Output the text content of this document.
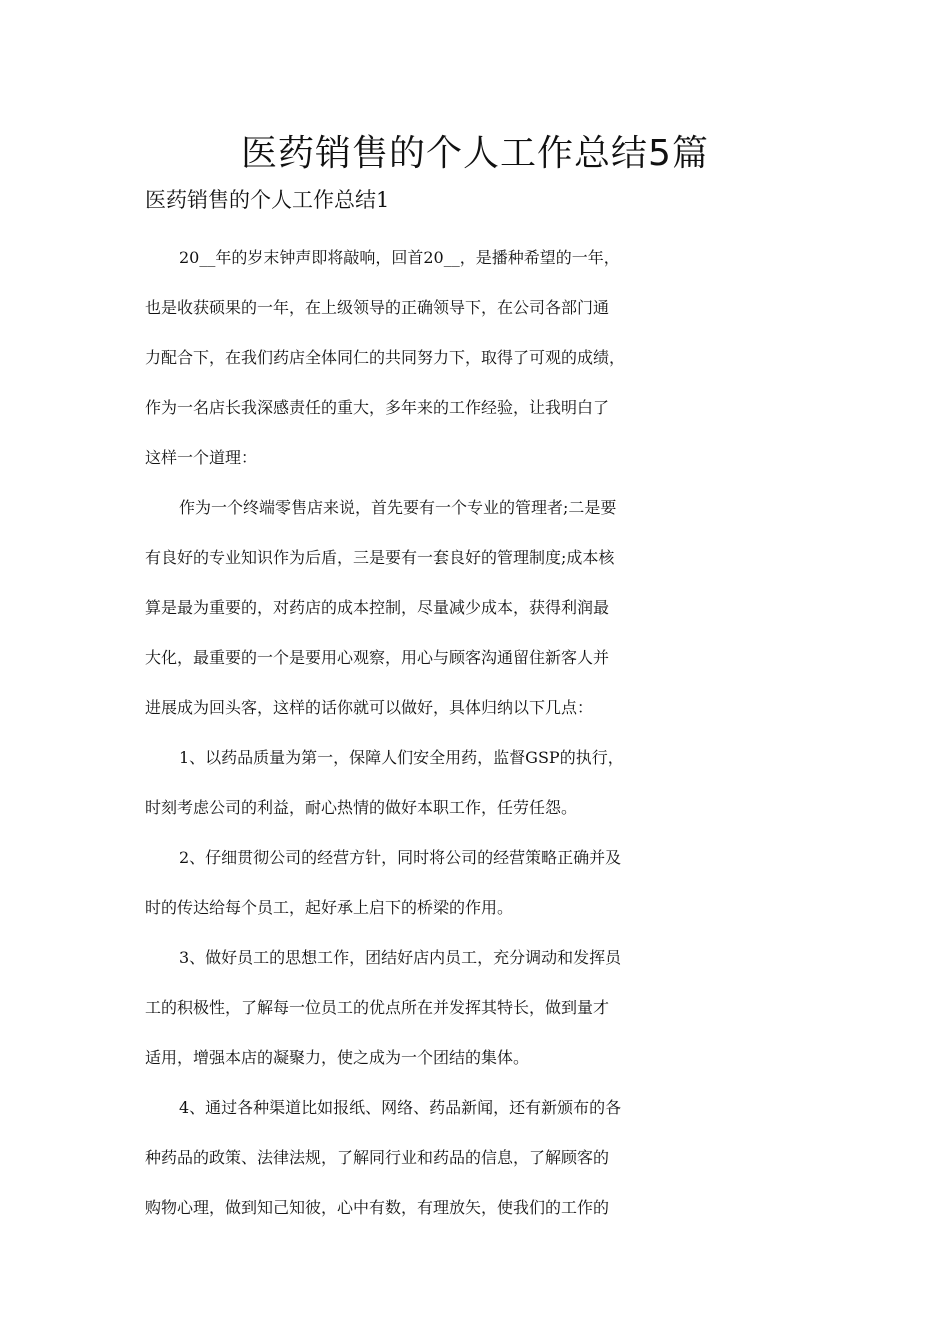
医药销售的个人工作总结5篇

医药销售的个人工作总结1

20__年的岁末钟声即将敲响，回首20__，是播种希望的一年，
也是收获硕果的一年，在上级领导的正确领导下，在公司各部门通
力配合下，在我们药店全体同仁的共同努力下，取得了可观的成绩，
作为一名店长我深感责任的重大，多年来的工作经验，让我明白了
这样一个道理：
作为一个终端零售店来说，首先要有一个专业的管理者;二是要
有良好的专业知识作为后盾，三是要有一套良好的管理制度;成本核
算是最为重要的，对药店的成本控制，尽量减少成本，获得利润最
大化，最重要的一个是要用心观察，用心与顾客沟通留住新客人并
进展成为回头客，这样的话你就可以做好，具体归纳以下几点：
1、以药品质量为第一，保障人们安全用药，监督GSP的执行，
时刻考虑公司的利益，耐心热情的做好本职工作，任劳任怨。
2、仔细贯彻公司的经营方针，同时将公司的经营策略正确并及
时的传达给每个员工，起好承上启下的桥梁的作用。
3、做好员工的思想工作，团结好店内员工，充分调动和发挥员
工的积极性，了解每一位员工的优点所在并发挥其特长，做到量才
适用，增强本店的凝聚力，使之成为一个团结的集体。
4、通过各种渠道比如报纸、网络、药品新闻，还有新颁布的各
种药品的政策、法律法规，了解同行业和药品的信息，了解顾客的
购物心理，做到知己知彼，心中有数，有理放矢，使我们的工作的
